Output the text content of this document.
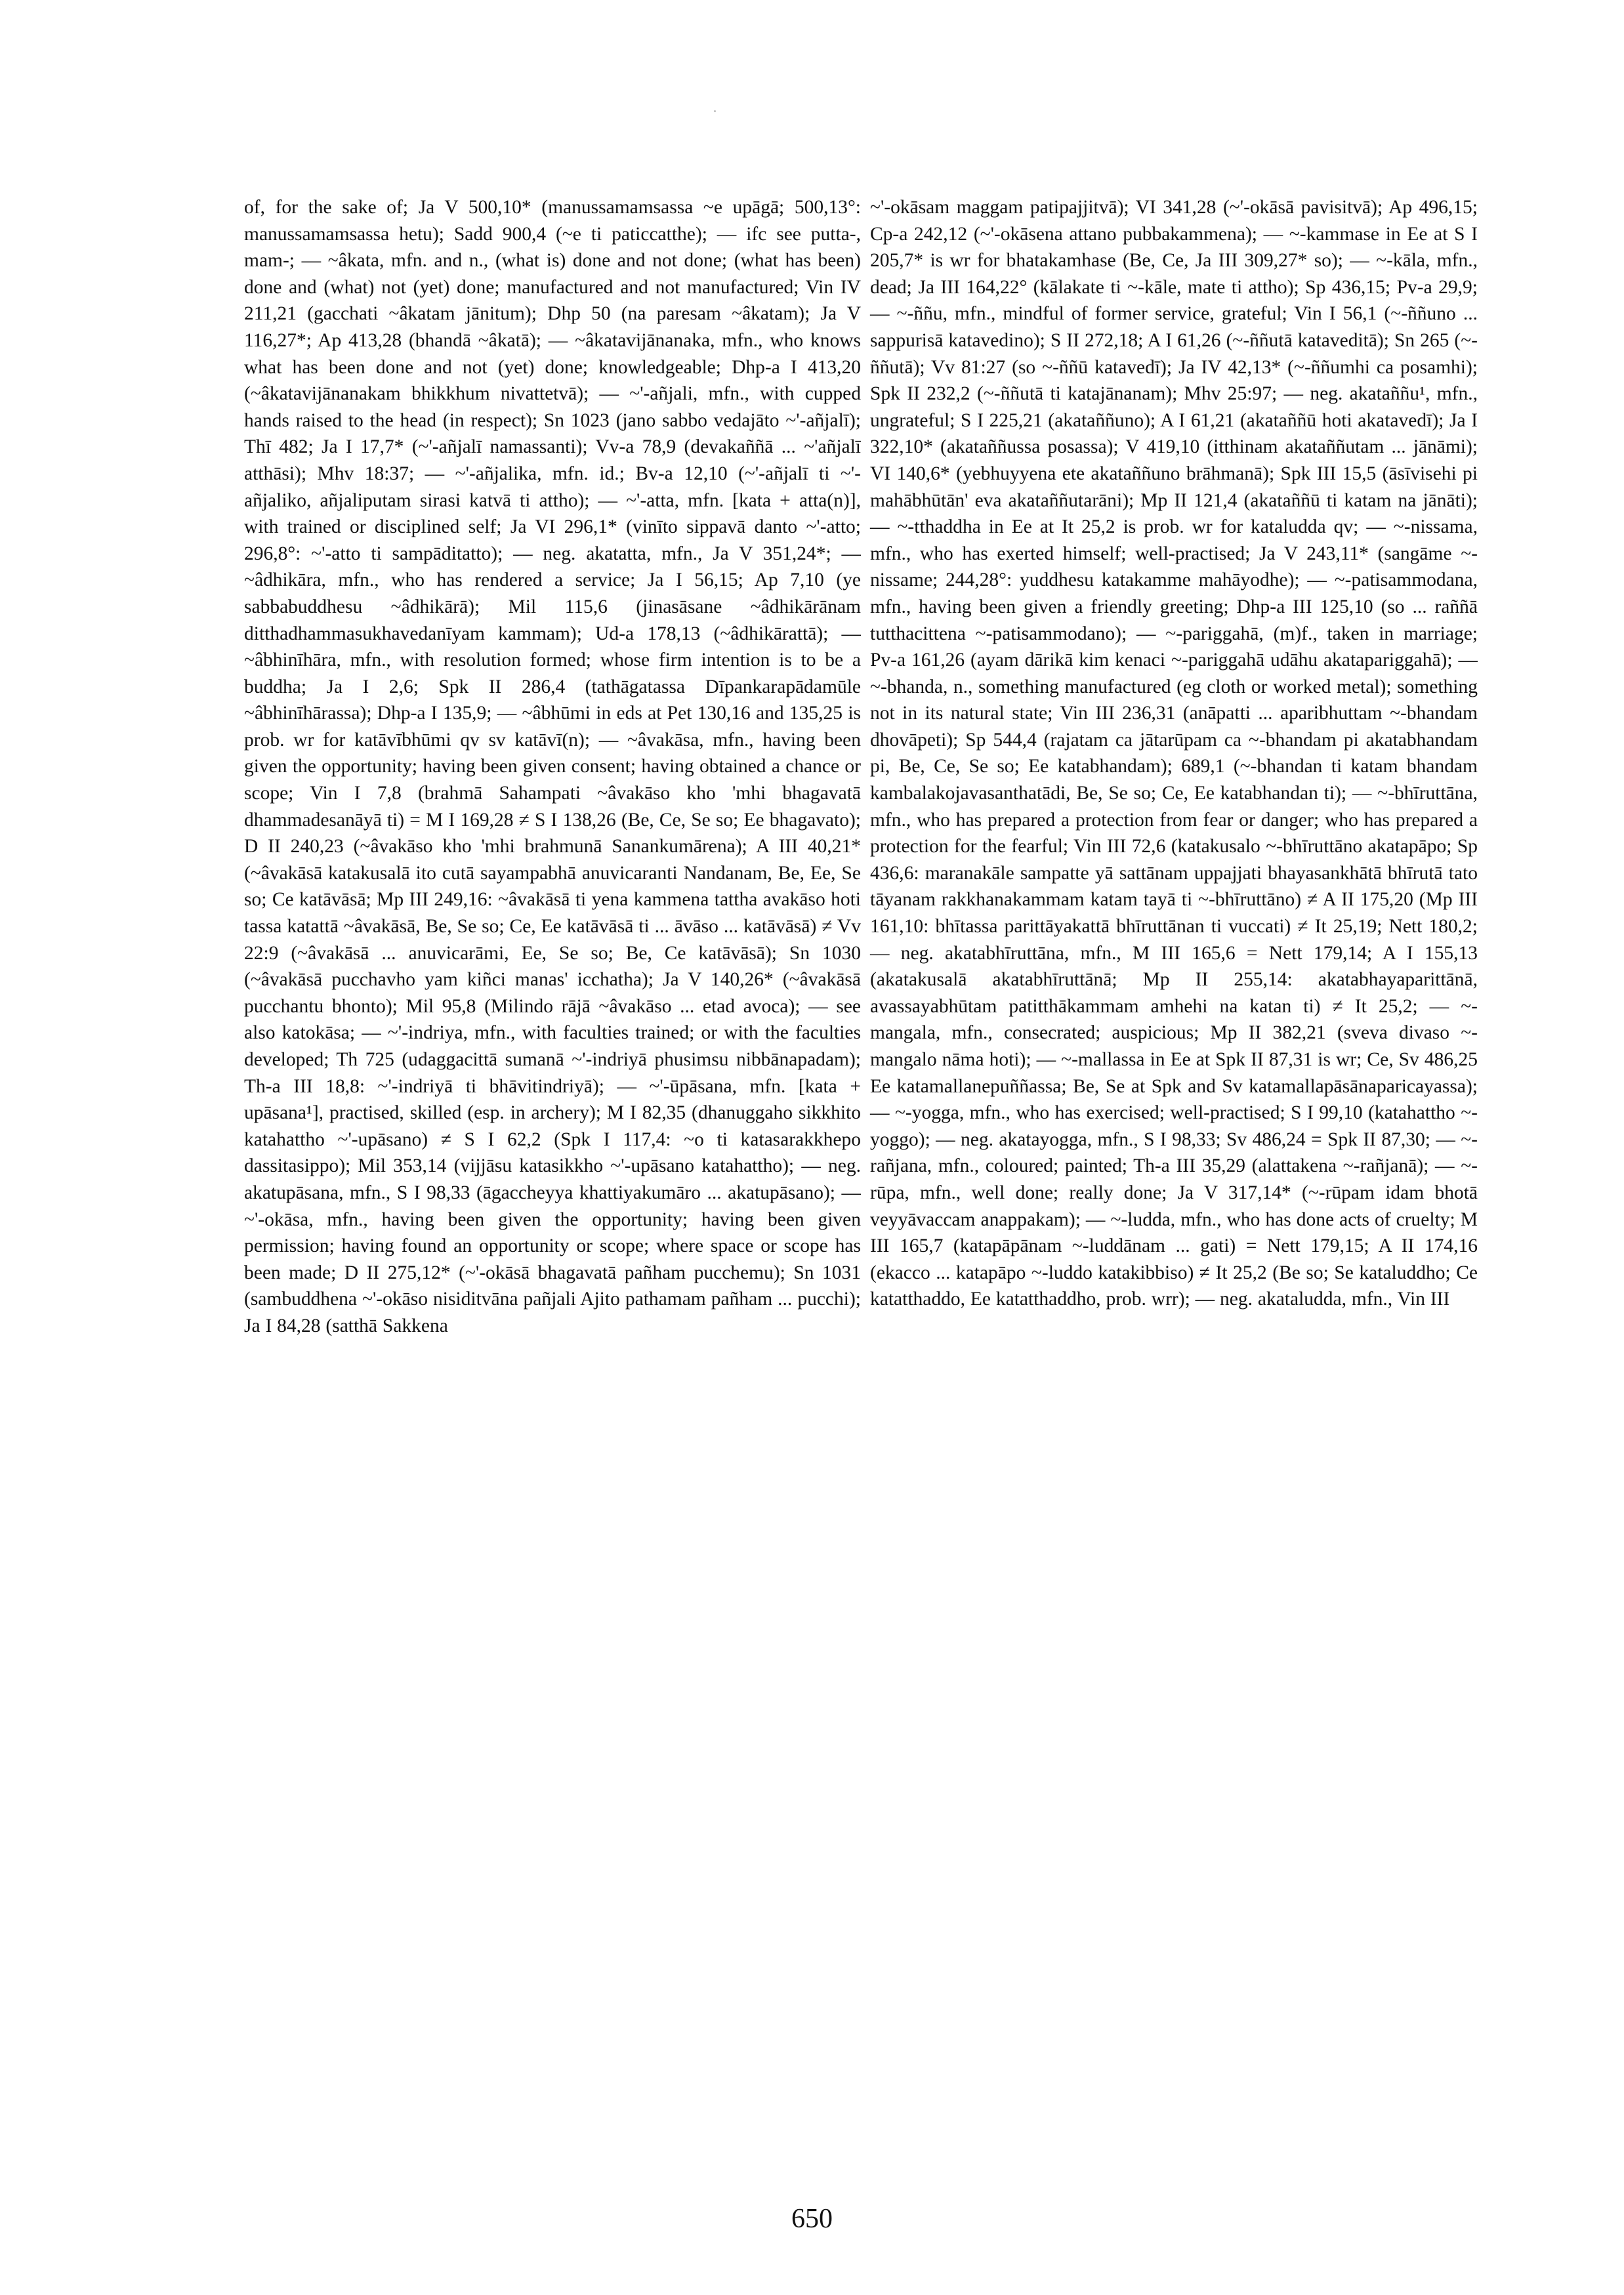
of, for the sake of; Ja V 500,10* (manussamamsassa ~e upāgā; 500,13°: manussamamsassa hetu); Sadd 900,4 (~e ti paticcatthe); — ifc see putta-, mam-; — ~âkata, mfn. and n., (what is) done and not done; (what has been) done and (what) not (yet) done; manufactured and not manufactured; Vin IV 211,21 (gacchati ~âkatam jānitum); Dhp 50 (na paresam ~âkatam); Ja V 116,27*; Ap 413,28 (bhandā ~âkatā); — ~âkatavijānanaka, mfn., who knows what has been done and not (yet) done; knowledgeable; Dhp-a I 413,20 (~âkatavijānanakam bhikkhum nivattetvā); — ~'-añjali, mfn., with cupped hands raised to the head (in respect); Sn 1023 (jano sabbo vedajāto ~'-añjalī); Thī 482; Ja I 17,7* (~'-añjalī namassanti); Vv-a 78,9 (devakaññā ... ~'añjalī atthāsi); Mhv 18:37; — ~'-añjalika, mfn. id.; Bv-a 12,10 (~'-añjalī ti ~'-añjaliko, añjaliputam sirasi katvā ti attho); — ~'-atta, mfn. [kata + atta(n)], with trained or disciplined self; Ja VI 296,1* (vinīto sippavā danto ~'-atto; 296,8°: ~'-atto ti sampāditatto); — neg. akatatta, mfn., Ja V 351,24*; — ~âdhikāra, mfn., who has rendered a service; Ja I 56,15; Ap 7,10 (ye sabbabuddhesu ~âdhikārā); Mil 115,6 (jinasāsane ~âdhikārānam ditthadhammasukhavedanīyam kammam); Ud-a 178,13 (~âdhikārattā); — ~âbhinīhāra, mfn., with resolution formed; whose firm intention is to be a buddha; Ja I 2,6; Spk II 286,4 (tathāgatassa Dīpankarapādamūle ~âbhinīhārassa); Dhp-a I 135,9; — ~âbhūmi in eds at Pet 130,16 and 135,25 is prob. wr for katāvībhūmi qv sv katāvī(n); — ~âvakāsa, mfn., having been given the opportunity; having been given consent; having obtained a chance or scope; Vin I 7,8 (brahmā Sahampati ~âvakāso kho 'mhi bhagavatā dhammadesanāyā ti) = M I 169,28 ≠ S I 138,26 (Be, Ce, Se so; Ee bhagavato); D II 240,23 (~âvakāso kho 'mhi brahmunā Sanankumārena); A III 40,21* (~âvakāsā katakusalā ito cutā sayampabhā anuvicaranti Nandanam, Be, Ee, Se so; Ce katāvāsā; Mp III 249,16: ~âvakāsā ti yena kammena tattha avakāso hoti tassa katattā ~âvakāsā, Be, Se so; Ce, Ee katāvāsā ti ... āvāso ... katāvāsā) ≠ Vv 22:9 (~âvakāsā ... anuvicarāmi, Ee, Se so; Be, Ce katāvāsā); Sn 1030 (~âvakāsā pucchavho yam kiñci manas' icchatha); Ja V 140,26* (~âvakāsā pucchantu bhonto); Mil 95,8 (Milindo rājā ~âvakāso ... etad avoca); — see also katokāsa; — ~'-indriya, mfn., with faculties trained; or with the faculties developed; Th 725 (udaggacittā sumanā ~'-indriyā phusimsu nibbānapadam); Th-a III 18,8: ~'-indriyā ti bhāvitindriyā); — ~'-ūpāsana, mfn. [kata + upāsana¹], practised, skilled (esp. in archery); M I 82,35 (dhanuggaho sikkhito katahattho ~'-upāsano) ≠ S I 62,2 (Spk I 117,4: ~o ti katasarakkhepo dassitasippo); Mil 353,14 (vijjāsu katasikkho ~'-upāsano katahattho); — neg. akatupāsana, mfn., S I 98,33 (āgaccheyya khattiyakumāro ... akatupāsano); — ~'-okāsa, mfn., having been given the opportunity; having been given permission; having found an opportunity or scope; where space or scope has been made; D II 275,12* (~'-okāsā bhagavatā pañham pucchemu); Sn 1031 (sambuddhena ~'-okāso nisiditvāna pañjali Ajito pathamam pañham ... pucchi); Ja I 84,28 (satthā Sakkena

~'-okāsam maggam patipajjitvā); VI 341,28 (~'-okāsā pavisitvā); Ap 496,15; Cp-a 242,12 (~'-okāsena attano pubbakammena); — ~-kammase in Ee at S I 205,7* is wr for bhatakamhase (Be, Ce, Ja III 309,27* so); — ~-kāla, mfn., dead; Ja III 164,22° (kālakate ti ~-kāle, mate ti attho); Sp 436,15; Pv-a 29,9; — ~-ññu, mfn., mindful of former service, grateful; Vin I 56,1 (~-ññuno ... sappurisā katavedino); S II 272,18; A I 61,26 (~-ññutā kataveditā); Sn 265 (~-ññutā); Vv 81:27 (so ~-ññū katavedī); Ja IV 42,13* (~-ññumhi ca posamhi); Spk II 232,2 (~-ññutā ti katajānanam); Mhv 25:97; — neg. akataññu¹, mfn., ungrateful; S I 225,21 (akataññuno); A I 61,21 (akataññū hoti akatavedī); Ja I 322,10* (akataññussa posassa); V 419,10 (itthinam akataññutam ... jānāmi); VI 140,6* (yebhuyyena ete akataññuno brāhmanā); Spk III 15,5 (āsīvisehi pi mahābhūtān' eva akataññutarāni); Mp II 121,4 (akataññū ti katam na jānāti); — ~-tthaddha in Ee at It 25,2 is prob. wr for kataludda qv; — ~-nissama, mfn., who has exerted himself; well-practised; Ja V 243,11* (sangāme ~-nissame; 244,28°: yuddhesu katakamme mahāyodhe); — ~-patisammodana, mfn., having been given a friendly greeting; Dhp-a III 125,10 (so ... raññā tutthacittena ~-patisammodano); — ~-pariggahā, (m)f., taken in marriage; Pv-a 161,26 (ayam dārikā kim kenaci ~-pariggahā udāhu akatapariggahā); — ~-bhanda, n., something manufactured (eg cloth or worked metal); something not in its natural state; Vin III 236,31 (anāpatti ... aparibhuttam ~-bhandam dhovāpeti); Sp 544,4 (rajatam ca jātarūpam ca ~-bhandam pi akatabhandam pi, Be, Ce, Se so; Ee katabhandam); 689,1 (~-bhandan ti katam bhandam kambalakojavasanthatādi, Be, Se so; Ce, Ee katabhandan ti); — ~-bhīruttāna, mfn., who has prepared a protection from fear or danger; who has prepared a protection for the fearful; Vin III 72,6 (katakusalo ~-bhīruttāno akatapāpo; Sp 436,6: maranakāle sampatte yā sattānam uppajjati bhayasankhātā bhīrutā tato tāyanam rakkhanakammam katam tayā ti ~-bhīruttāno) ≠ A II 175,20 (Mp III 161,10: bhītassa parittāyakattā bhīruttānan ti vuccati) ≠ It 25,19; Nett 180,2; — neg. akatabhīruttāna, mfn., M III 165,6 = Nett 179,14; A I 155,13 (akatakusalā akatabhīruttānā; Mp II 255,14: akatabhayaparittānā, avassayabhūtam patitthākammam amhehi na katan ti) ≠ It 25,2; — ~-mangala, mfn., consecrated; auspicious; Mp II 382,21 (sveva divaso ~-mangalo nāma hoti); — ~-mallassa in Ee at Spk II 87,31 is wr; Ce, Sv 486,25 Ee katamallanepuññassa; Be, Se at Spk and Sv katamallapāsānaparicayassa); — ~-yogga, mfn., who has exercised; well-practised; S I 99,10 (katahattho ~-yoggo); — neg. akatayogga, mfn., S I 98,33; Sv 486,24 = Spk II 87,30; — ~-rañjana, mfn., coloured; painted; Th-a III 35,29 (alattakena ~-rañjanā); — ~-rūpa, mfn., well done; really done; Ja V 317,14* (~-rūpam idam bhotā veyyāvaccam anappakam); — ~-ludda, mfn., who has done acts of cruelty; M III 165,7 (katapāpānam ~-luddānam ... gati) = Nett 179,15; A II 174,16 (ekacco ... katapāpo ~-luddo katakibbiso) ≠ It 25,2 (Be so; Se kataluddho; Ce katatthaddo, Ee katatthaddho, prob. wrr); — neg. akataludda, mfn., Vin III

650
